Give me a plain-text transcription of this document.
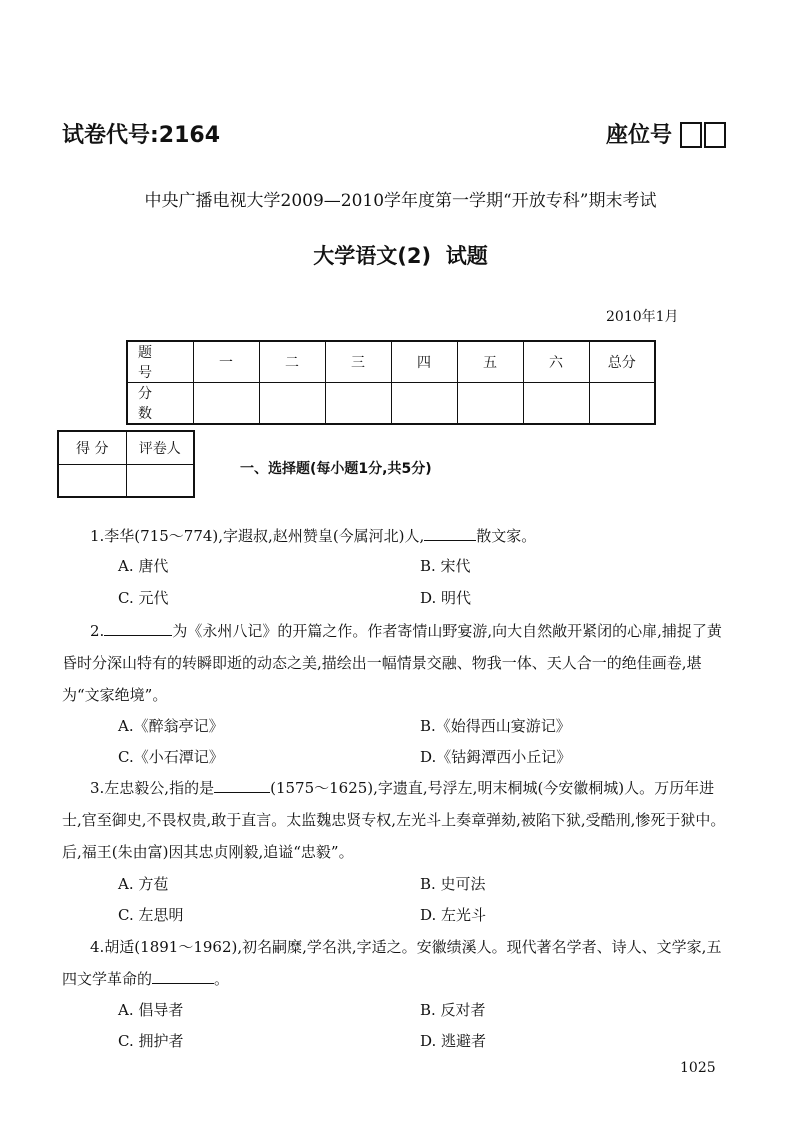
试卷代号:2164	座位号
中央广播电视大学2009—2010学年度第一学期“开放专科”期末考试
大学语文(2)  试题
2010年1月
题号	一	二	三	四	五	六	总分
分数							
得 分	评卷人

一、选择题(每小题1分,共5分)
1.李华(715～774),字遐叔,赵州赞皇(今属河北)人,	散文家。
A. 唐代	B. 宋代
C. 元代	D. 明代
2.	为《永州八记》的开篇之作。作者寄情山野宴游,向大自然敞开紧闭的心扉,捕捉了黄昏时分深山特有的转瞬即逝的动态之美,描绘出一幅情景交融、物我一体、天人合一的绝佳画卷,堪为“文家绝境”。
A.《醉翁亭记》	B.《始得西山宴游记》
C.《小石潭记》	D.《钴鉧潭西小丘记》
3.左忠毅公,指的是	(1575～1625),字遗直,号浮左,明末桐城(今安徽桐城)人。万历年进士,官至御史,不畏权贵,敢于直言。太监魏忠贤专权,左光斗上奏章弹劾,被陷下狱,受酷刑,惨死于狱中。后,福王(朱由富)因其忠贞刚毅,追谥“忠毅”。
A. 方苞	B. 史可法
C. 左思明	D. 左光斗
4.胡适(1891～1962),初名嗣糜,学名洪,字适之。安徽绩溪人。现代著名学者、诗人、文学家,五四文学革命的	。
A. 倡导者	B. 反对者
C. 拥护者	D. 逃避者
1025
